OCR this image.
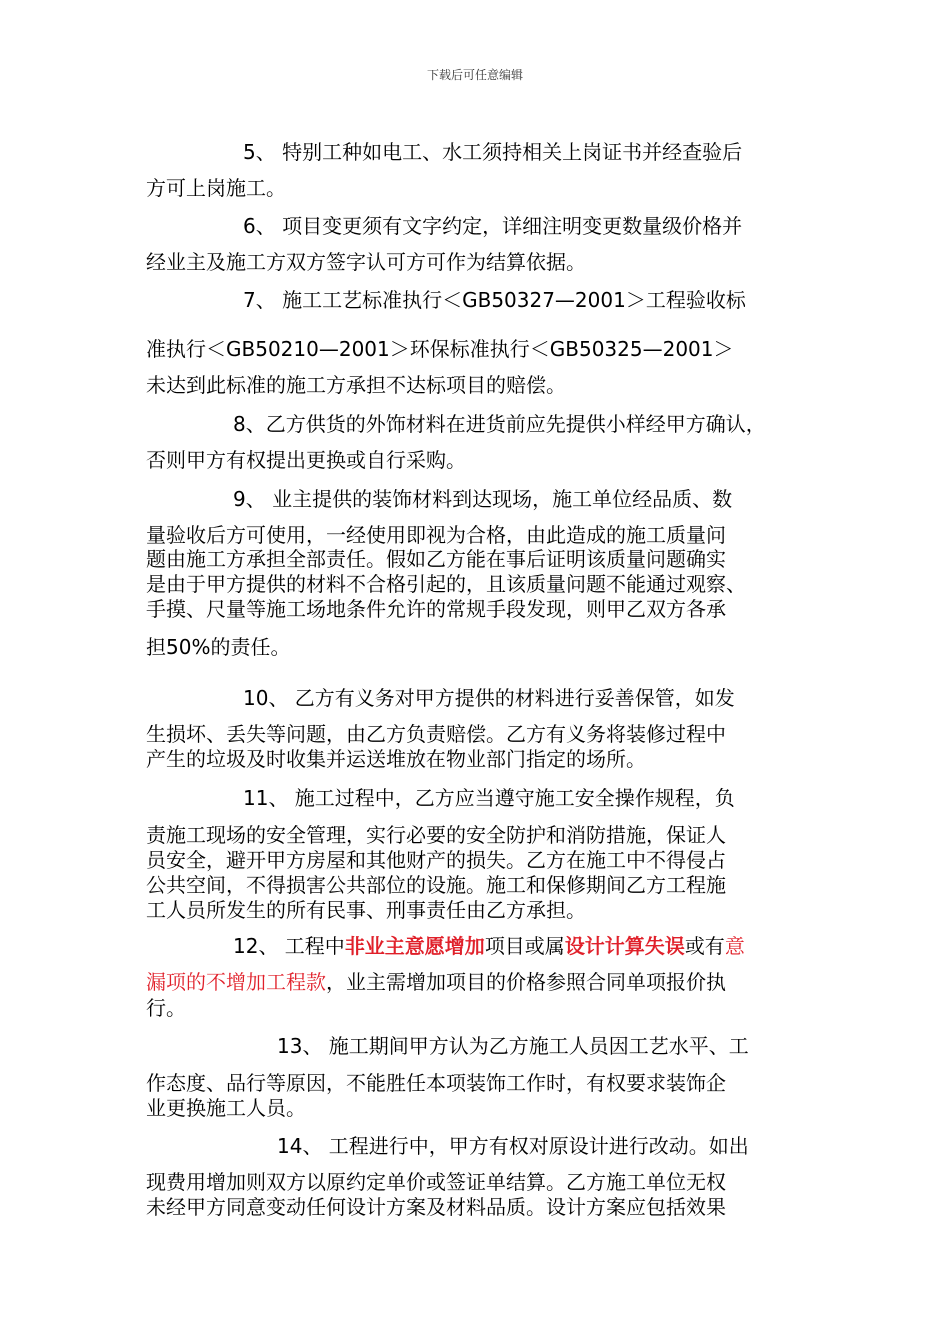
下载后可任意编辑
5、 特别工种如电工、水工须持相关上岗证书并经查验后
方可上岗施工。
6、 项目变更须有文字约定，详细注明变更数量级价格并
经业主及施工方双方签字认可方可作为结算依据。
7、 施工工艺标准执行＜GB50327—2001＞工程验收标
准执行＜GB50210—2001＞环保标准执行＜GB50325—2001＞
未达到此标准的施工方承担不达标项目的赔偿。
8、乙方供货的外饰材料在进货前应先提供小样经甲方确认，
否则甲方有权提出更换或自行采购。
9、 业主提供的装饰材料到达现场，施工单位经品质、数
量验收后方可使用，一经使用即视为合格，由此造成的施工质量问
题由施工方承担全部责任。假如乙方能在事后证明该质量问题确实
是由于甲方提供的材料不合格引起的，且该质量问题不能通过观察、
手摸、尺量等施工场地条件允许的常规手段发现，则甲乙双方各承
担50%的责任。
10、 乙方有义务对甲方提供的材料进行妥善保管，如发
生损坏、丢失等问题，由乙方负责赔偿。乙方有义务将装修过程中
产生的垃圾及时收集并运送堆放在物业部门指定的场所。
11、 施工过程中，乙方应当遵守施工安全操作规程，负
责施工现场的安全管理，实行必要的安全防护和消防措施，保证人
员安全，避开甲方房屋和其他财产的损失。乙方在施工中不得侵占
公共空间，不得损害公共部位的设施。施工和保修期间乙方工程施
工人员所发生的所有民事、刑事责任由乙方承担。
12、 工程中非业主意愿增加项目或属设计计算失误或有意
漏项的不增加工程款，业主需增加项目的价格参照合同单项报价执
行。
13、 施工期间甲方认为乙方施工人员因工艺水平、工
作态度、品行等原因，不能胜任本项装饰工作时，有权要求装饰企
业更换施工人员。
14、 工程进行中，甲方有权对原设计进行改动。如出
现费用增加则双方以原约定单价或签证单结算。乙方施工单位无权
未经甲方同意变动任何设计方案及材料品质。设计方案应包括效果
